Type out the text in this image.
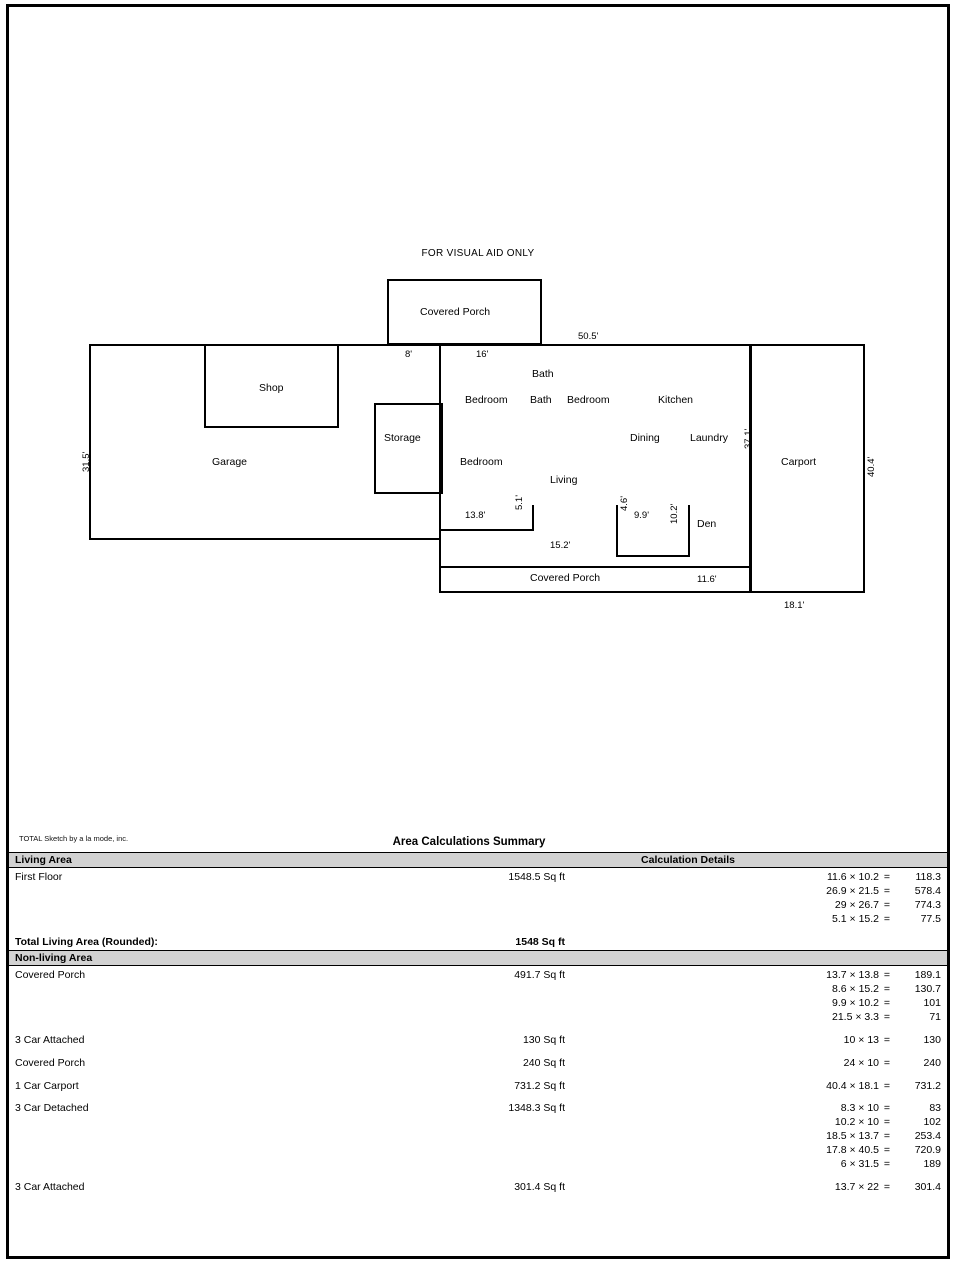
FOR VISUAL AID ONLY
Covered Porch
Shop
Garage
Storage
Bath
Bedroom Bath Bedroom	Kitchen
Dining	Laundry
Bedroom
Living
Carport
Den
Covered Porch
31.5'
8'	16'
50.5'
37.1'
40.4'
13.8'
5.1'	4.6'
9.9' 10.2'
15.2'
11.6'
18.1'
TOTAL Sketch by a la mode, inc.	Area Calculations Summary
Living Area	Calculation Details
First Floor	1548.5 Sq ft	11.6 × 10.2 =	118.3
26.9 × 21.5 =	578.4
29 × 26.7 =	774.3
5.1 × 15.2 =	77.5
Total Living Area (Rounded):	1548 Sq ft
Non-living Area
Covered Porch	491.7 Sq ft	13.7 × 13.8 =	189.1
8.6 × 15.2 =	130.7
9.9 × 10.2 =	101
21.5 × 3.3 =	71
3 Car Attached	130 Sq ft	10 × 13 =	130
Covered Porch	240 Sq ft	24 × 10 =	240
1 Car Carport	731.2 Sq ft	40.4 × 18.1 =	731.2
3 Car Detached	1348.3 Sq ft	8.3 × 10 =	83
10.2 × 10 =	102
18.5 × 13.7 =	253.4
17.8 × 40.5 =	720.9
6 × 31.5 =	189
3 Car Attached	301.4 Sq ft	13.7 × 22 =	301.4
